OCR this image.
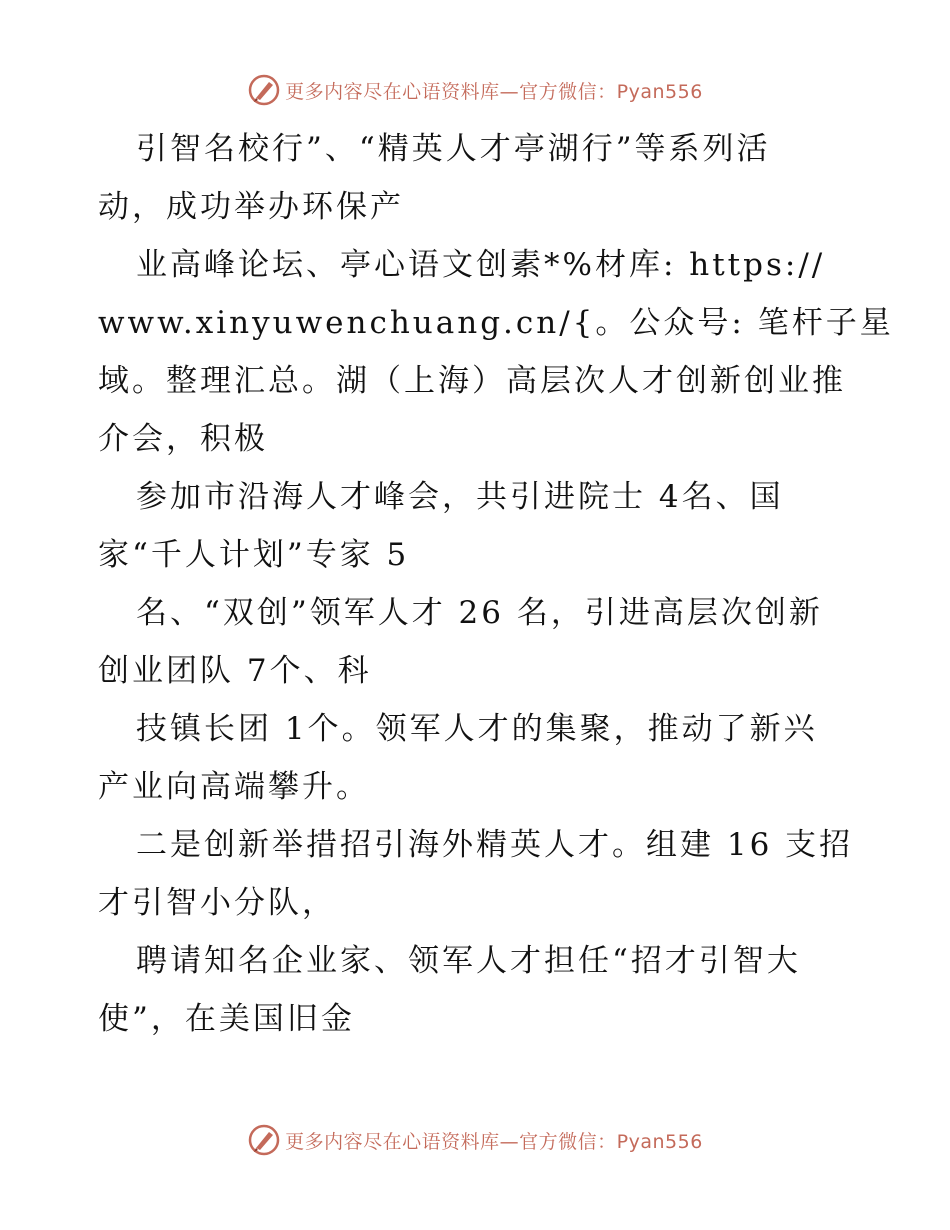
更多内容尽在心语资料库—官方微信：Pyan556
引智名校行”、“精英人才亭湖行”等系列活
动，成功举办环保产
业高峰论坛、亭心语文创素*%材库: https://
www.xinyuwenchuang.cn/{。公众号: 笔杆子星
域。整理汇总。湖（上海）高层次人才创新创业推
介会，积极
参加市沿海人才峰会，共引进院士 4名、国
家“千人计划”专家 5
名、“双创”领军人才 26 名，引进高层次创新
创业团队 7个、科
技镇长团 1个。领军人才的集聚，推动了新兴
产业向高端攀升。
二是创新举措招引海外精英人才。组建 16 支招
才引智小分队，
聘请知名企业家、领军人才担任“招才引智大
使”，在美国旧金
更多内容尽在心语资料库—官方微信：Pyan556
